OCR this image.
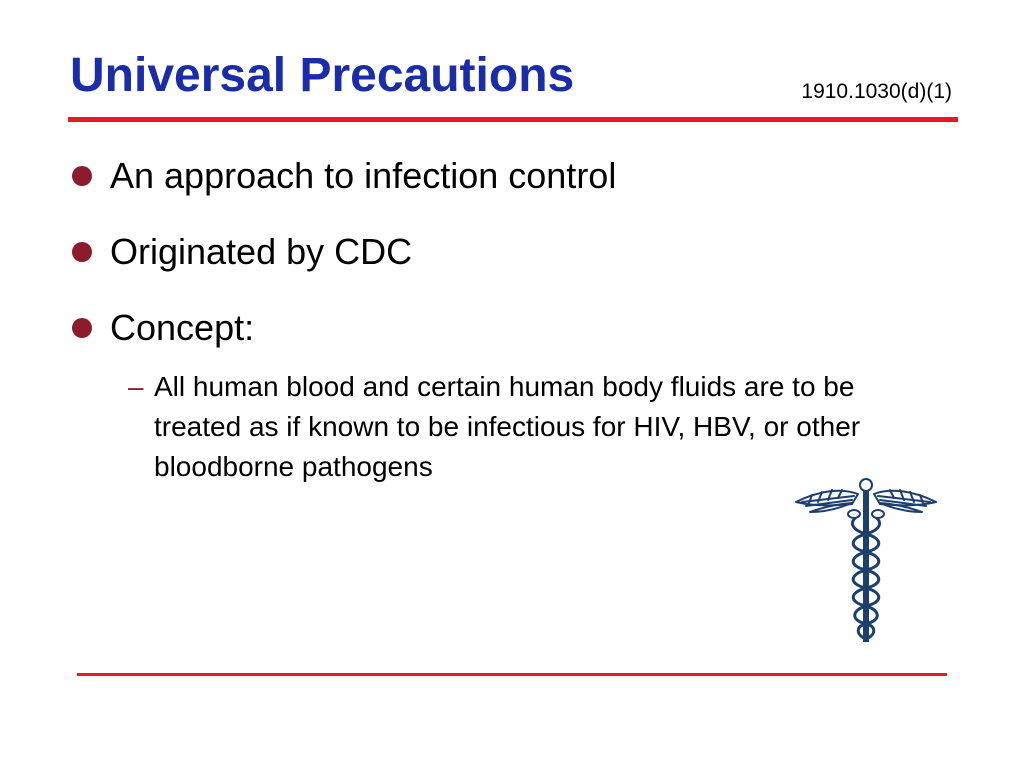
Universal Precautions	1910.1030(d)(1)
An approach to infection control
Originated by CDC
Concept:
– All human blood and certain human body fluids are to be treated as if known to be infectious for HIV, HBV, or other bloodborne pathogens
